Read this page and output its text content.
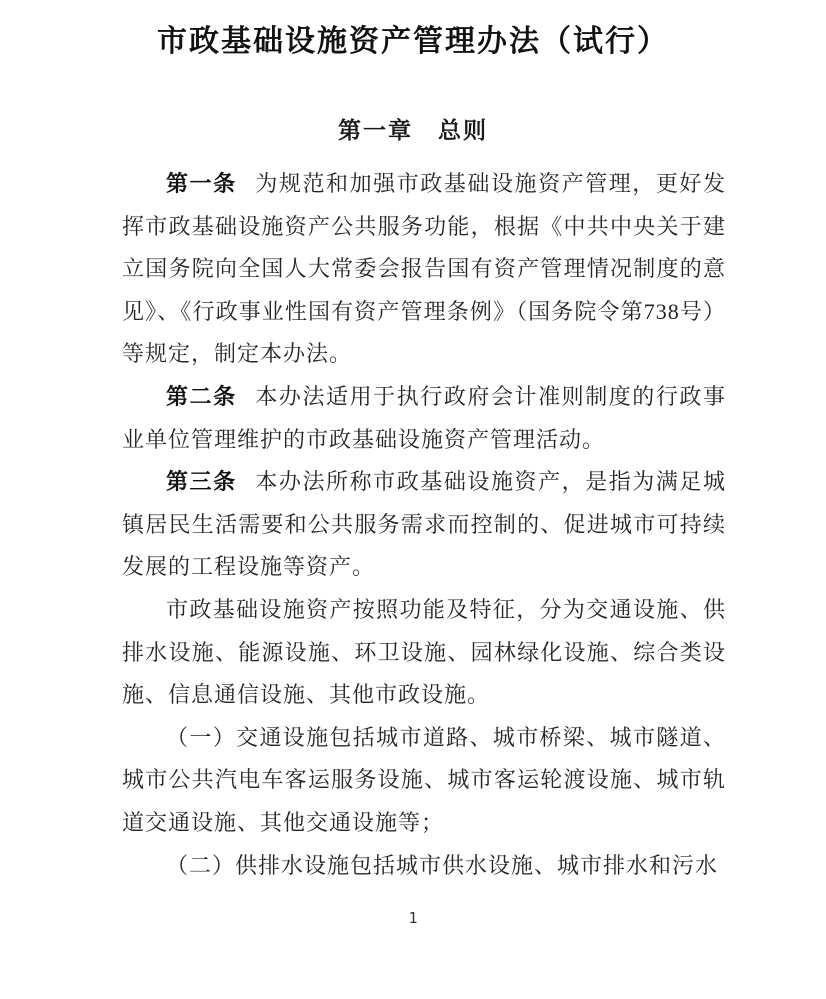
市政基础设施资产管理办法（试行）
第一章　总则

第一条 为规范和加强市政基础设施资产管理，更好发挥市政基础设施资产公共服务功能，根据《中共中央关于建立国务院向全国人大常委会报告国有资产管理情况制度的意见》、《行政事业性国有资产管理条例》（国务院令第738号）等规定，制定本办法。

第二条 本办法适用于执行政府会计准则制度的行政事业单位管理维护的市政基础设施资产管理活动。

第三条 本办法所称市政基础设施资产，是指为满足城镇居民生活需要和公共服务需求而控制的、促进城市可持续发展的工程设施等资产。

市政基础设施资产按照功能及特征，分为交通设施、供排水设施、能源设施、环卫设施、园林绿化设施、综合类设施、信息通信设施、其他市政设施。

（一）交通设施包括城市道路、城市桥梁、城市隧道、城市公共汽电车客运服务设施、城市客运轮渡设施、城市轨道交通设施、其他交通设施等；

（二）供排水设施包括城市供水设施、城市排水和污水

1
